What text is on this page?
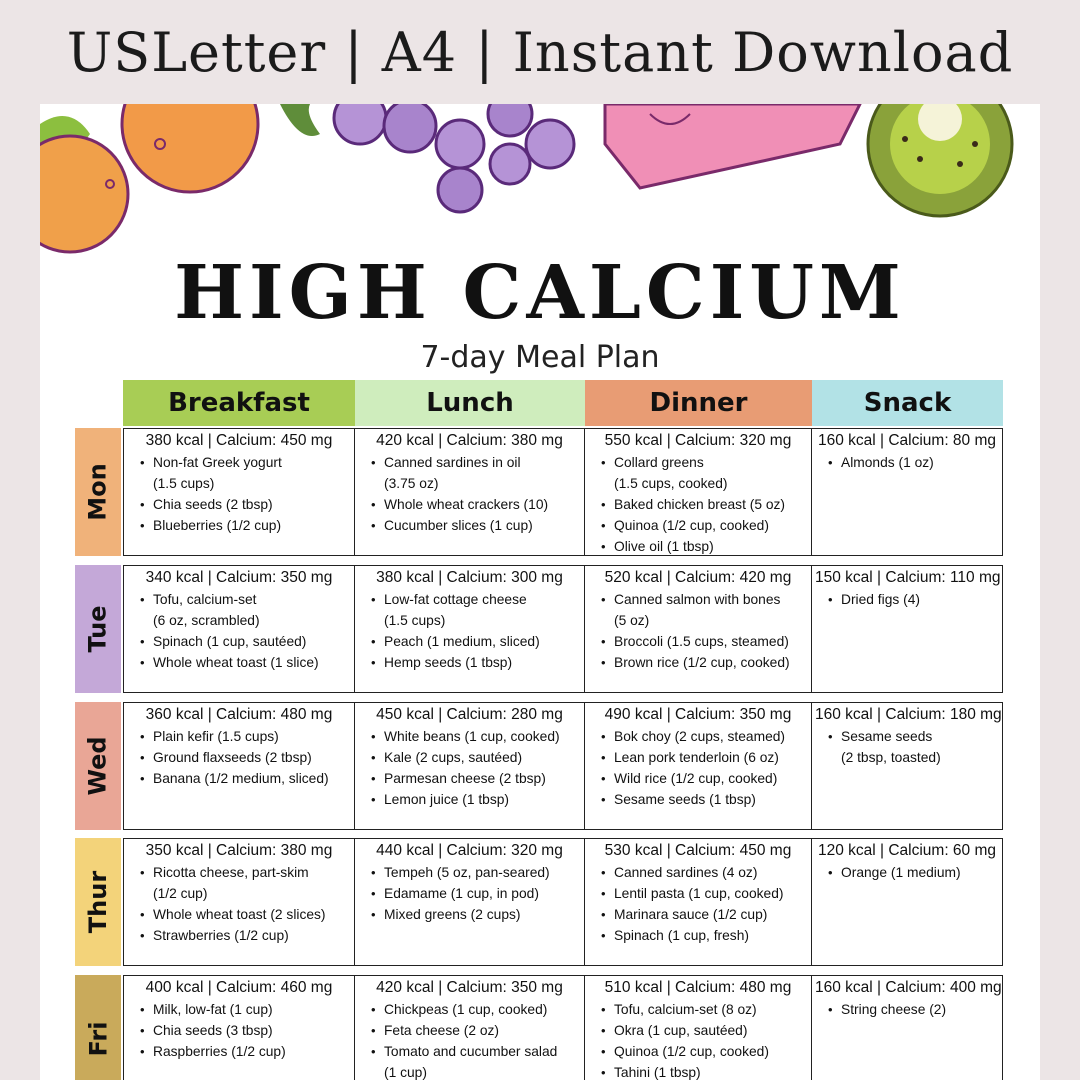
USLetter | A4 | Instant Download
HIGH CALCIUM
7-day Meal Plan
Breakfast	Lunch	Dinner	Snack
Mon
380 kcal | Calcium: 450 mg
• Non-fat Greek yogurt
(1.5 cups)
• Chia seeds (2 tbsp)
• Blueberries (1/2 cup)
420 kcal | Calcium: 380 mg
• Canned sardines in oil
(3.75 oz)
• Whole wheat crackers (10)
• Cucumber slices (1 cup)
550 kcal | Calcium: 320 mg
• Collard greens
(1.5 cups, cooked)
• Baked chicken breast (5 oz)
• Quinoa (1/2 cup, cooked)
• Olive oil (1 tbsp)
160 kcal | Calcium: 80 mg
• Almonds (1 oz)
Tue
340 kcal | Calcium: 350 mg
• Tofu, calcium-set
(6 oz, scrambled)
• Spinach (1 cup, sautéed)
• Whole wheat toast (1 slice)
380 kcal | Calcium: 300 mg
• Low-fat cottage cheese
(1.5 cups)
• Peach (1 medium, sliced)
• Hemp seeds (1 tbsp)
520 kcal | Calcium: 420 mg
• Canned salmon with bones
(5 oz)
• Broccoli (1.5 cups, steamed)
• Brown rice (1/2 cup, cooked)
150 kcal | Calcium: 110 mg
• Dried figs (4)
Wed
360 kcal | Calcium: 480 mg
• Plain kefir (1.5 cups)
• Ground flaxseeds (2 tbsp)
• Banana (1/2 medium, sliced)
450 kcal | Calcium: 280 mg
• White beans (1 cup, cooked)
• Kale (2 cups, sautéed)
• Parmesan cheese (2 tbsp)
• Lemon juice (1 tbsp)
490 kcal | Calcium: 350 mg
• Bok choy (2 cups, steamed)
• Lean pork tenderloin (6 oz)
• Wild rice (1/2 cup, cooked)
• Sesame seeds (1 tbsp)
160 kcal | Calcium: 180 mg
• Sesame seeds
(2 tbsp, toasted)
Thur
350 kcal | Calcium: 380 mg
• Ricotta cheese, part-skim
(1/2 cup)
• Whole wheat toast (2 slices)
• Strawberries (1/2 cup)
440 kcal | Calcium: 320 mg
• Tempeh (5 oz, pan-seared)
• Edamame (1 cup, in pod)
• Mixed greens (2 cups)
530 kcal | Calcium: 450 mg
• Canned sardines (4 oz)
• Lentil pasta (1 cup, cooked)
• Marinara sauce (1/2 cup)
• Spinach (1 cup, fresh)
120 kcal | Calcium: 60 mg
• Orange (1 medium)
Fri
400 kcal | Calcium: 460 mg
• Milk, low-fat (1 cup)
• Chia seeds (3 tbsp)
• Raspberries (1/2 cup)
420 kcal | Calcium: 350 mg
• Chickpeas (1 cup, cooked)
• Feta cheese (2 oz)
• Tomato and cucumber salad
(1 cup)
510 kcal | Calcium: 480 mg
• Tofu, calcium-set (8 oz)
• Okra (1 cup, sautéed)
• Quinoa (1/2 cup, cooked)
• Tahini (1 tbsp)
160 kcal | Calcium: 400 mg
• String cheese (2)
